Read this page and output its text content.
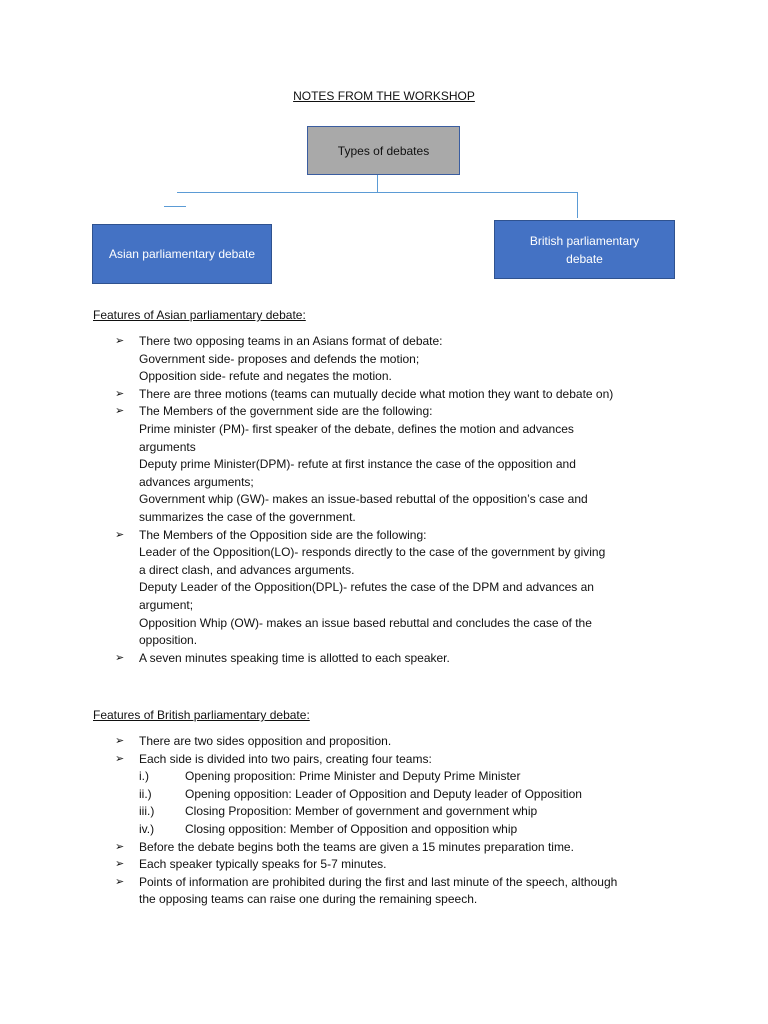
NOTES FROM THE WORKSHOP
Types of debates
Asian parliamentary debate
British parliamentary debate
Features of Asian parliamentary debate:
➢ There two opposing teams in an Asians format of debate:
Government side- proposes and defends the motion;
Opposition side- refute and negates the motion.
➢ There are three motions (teams can mutually decide what motion they want to debate on)
➢ The Members of the government side are the following:
Prime minister (PM)- first speaker of the debate, defines the motion and advances
arguments
Deputy prime Minister(DPM)- refute at first instance the case of the opposition and
advances arguments;
Government whip (GW)- makes an issue-based rebuttal of the opposition’s case and
summarizes the case of the government.
➢ The Members of the Opposition side are the following:
Leader of the Opposition(LO)- responds directly to the case of the government by giving
a direct clash, and advances arguments.
Deputy Leader of the Opposition(DPL)- refutes the case of the DPM and advances an
argument;
Opposition Whip (OW)- makes an issue based rebuttal and concludes the case of the
opposition.
➢ A seven minutes speaking time is allotted to each speaker.
Features of British parliamentary debate:
➢ There are two sides opposition and proposition.
➢ Each side is divided into two pairs, creating four teams:
i.)	Opening proposition: Prime Minister and Deputy Prime Minister
ii.)	Opening opposition: Leader of Opposition and Deputy leader of Opposition
iii.)	Closing Proposition: Member of government and government whip
iv.)	Closing opposition: Member of Opposition and opposition whip
➢ Before the debate begins both the teams are given a 15 minutes preparation time.
➢ Each speaker typically speaks for 5-7 minutes.
➢ Points of information are prohibited during the first and last minute of the speech, although
the opposing teams can raise one during the remaining speech.
